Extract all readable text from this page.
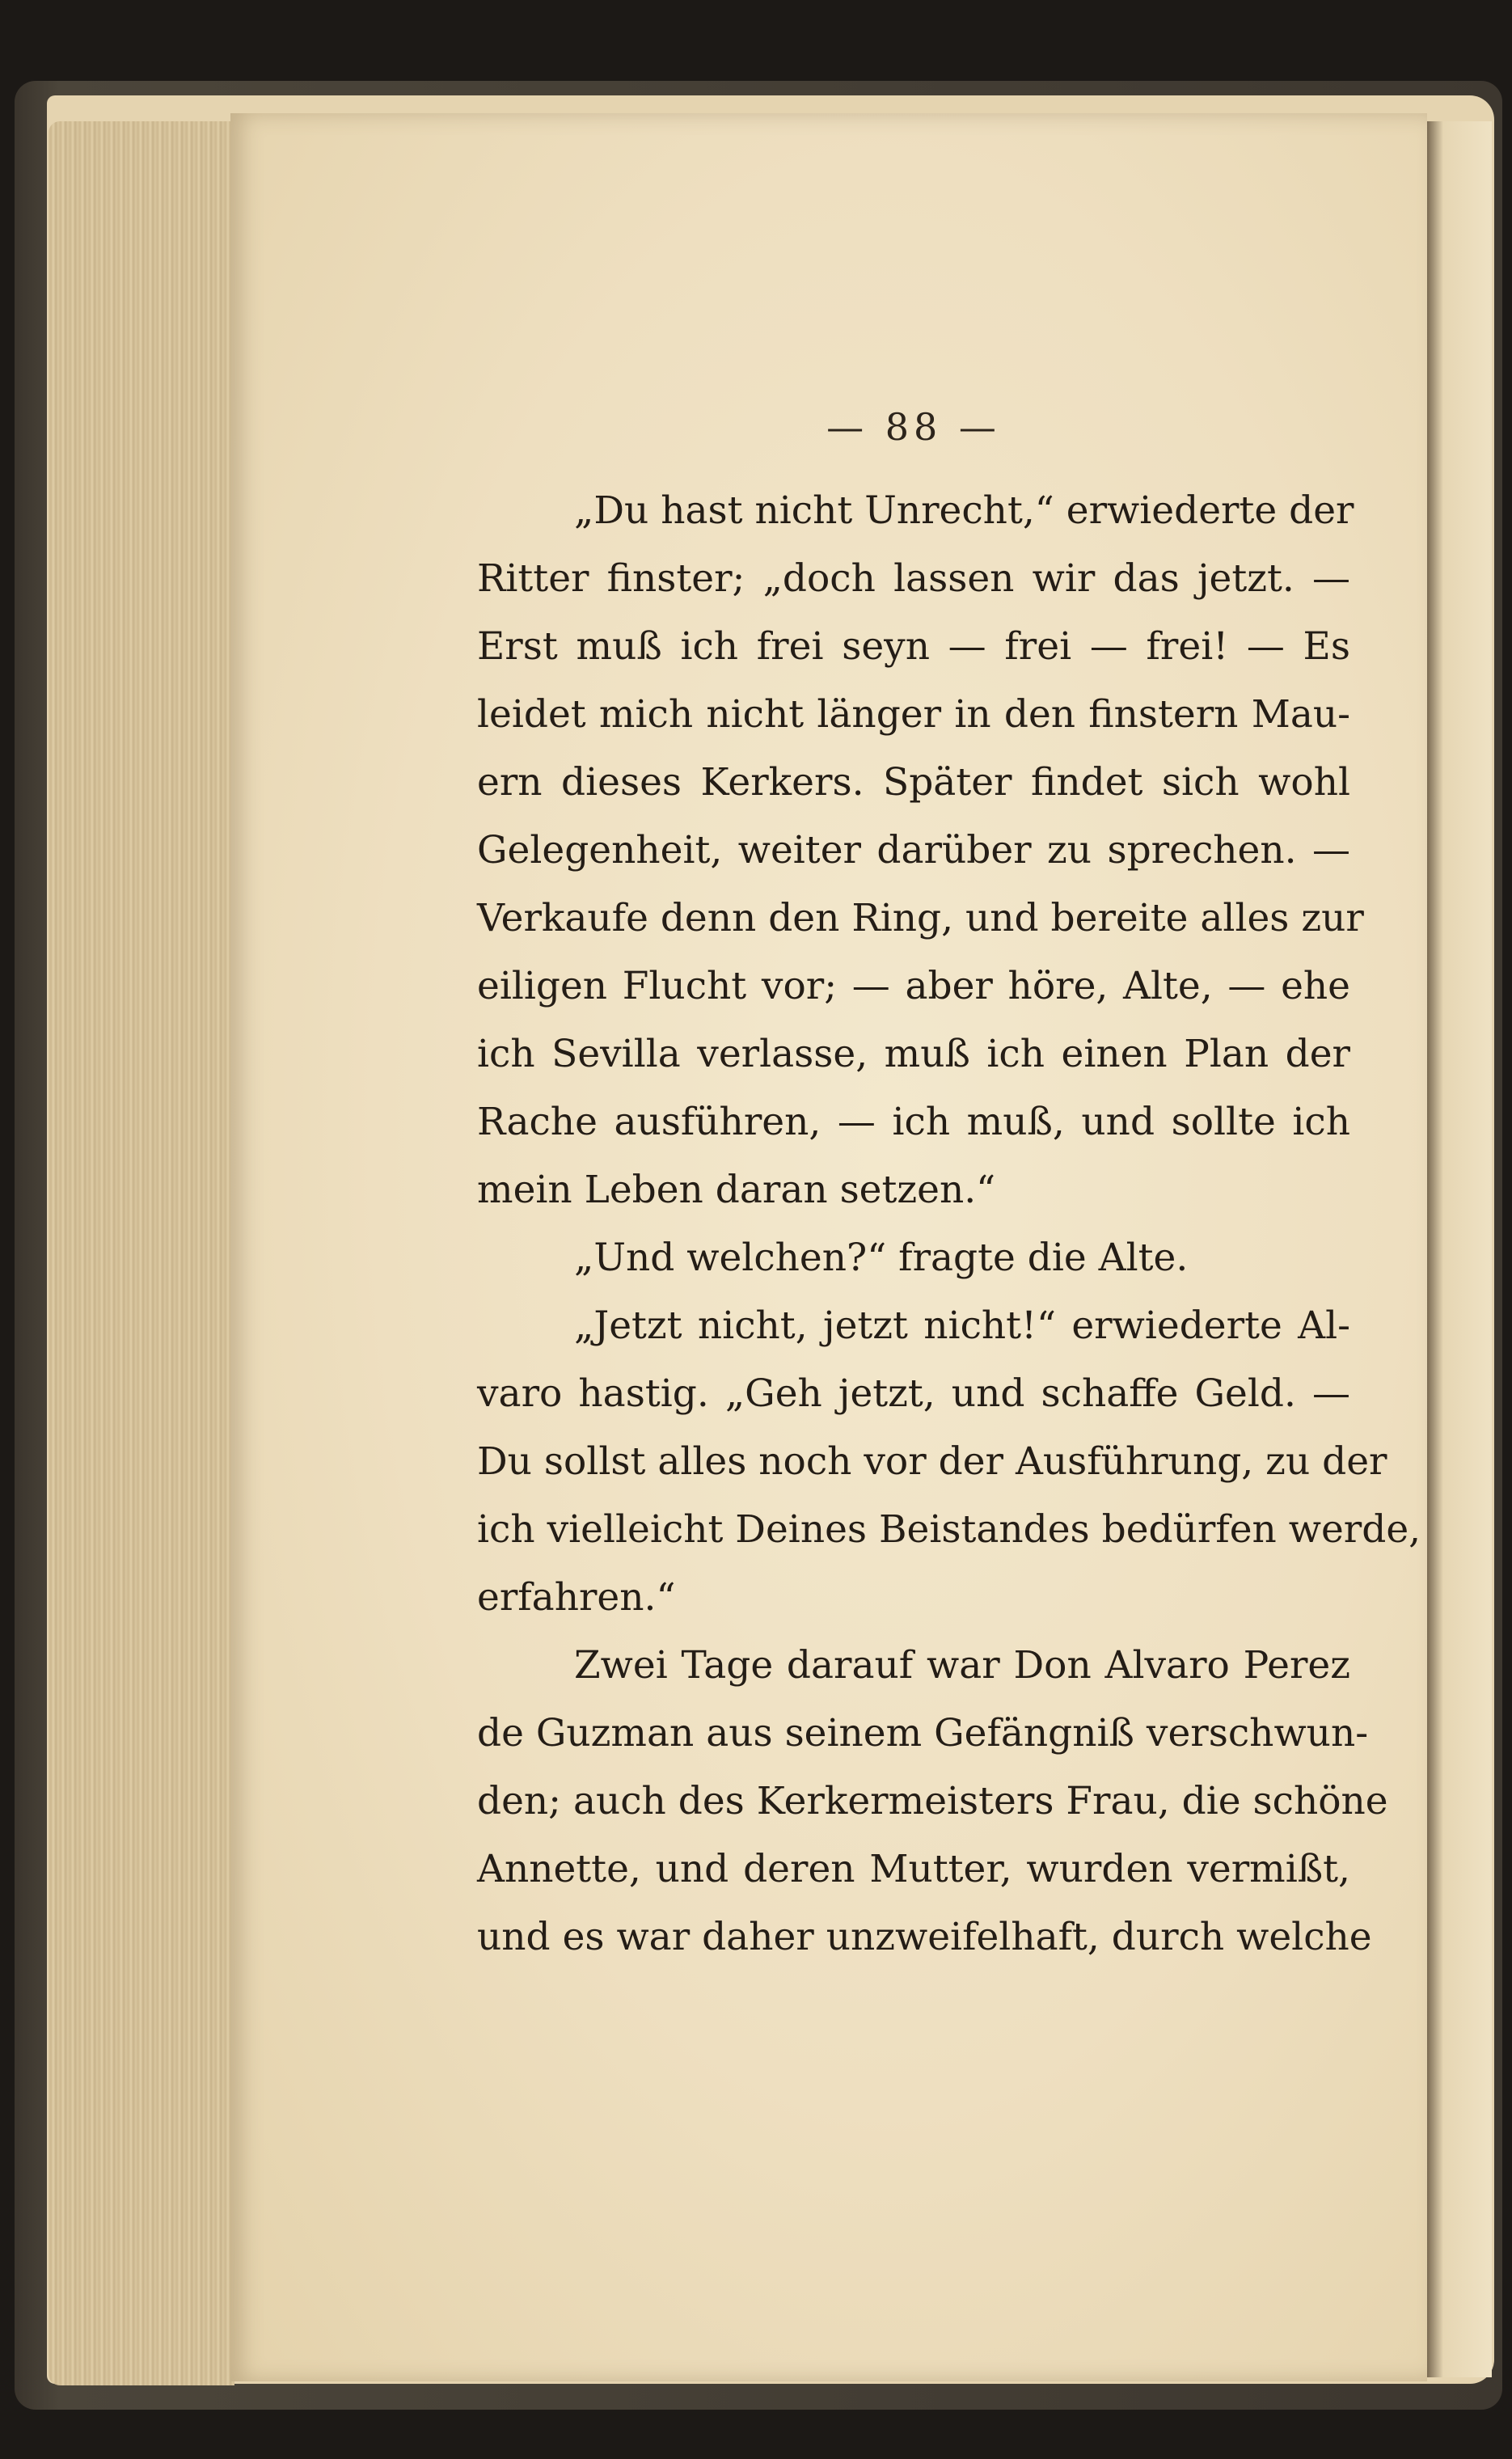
— 88 —
„Du hast nicht Unrecht,“ erwiederte der
Ritter finster; „doch lassen wir das jetzt. —
Erst muß ich frei seyn — frei — frei! — Es
leidet mich nicht länger in den finstern Mau-
ern dieses Kerkers. Später findet sich wohl
Gelegenheit, weiter darüber zu sprechen. —
Verkaufe denn den Ring, und bereite alles zur
eiligen Flucht vor; — aber höre, Alte, — ehe
ich Sevilla verlasse, muß ich einen Plan der
Rache ausführen, — ich muß, und sollte ich
mein Leben daran setzen.“
„Und welchen?“ fragte die Alte.
„Jetzt nicht, jetzt nicht!“ erwiederte Al-
varo hastig. „Geh jetzt, und schaffe Geld. —
Du sollst alles noch vor der Ausführung, zu der
ich vielleicht Deines Beistandes bedürfen werde,
erfahren.“
Zwei Tage darauf war Don Alvaro Perez
de Guzman aus seinem Gefängniß verschwun-
den; auch des Kerkermeisters Frau, die schöne
Annette, und deren Mutter, wurden vermißt,
und es war daher unzweifelhaft, durch welche
